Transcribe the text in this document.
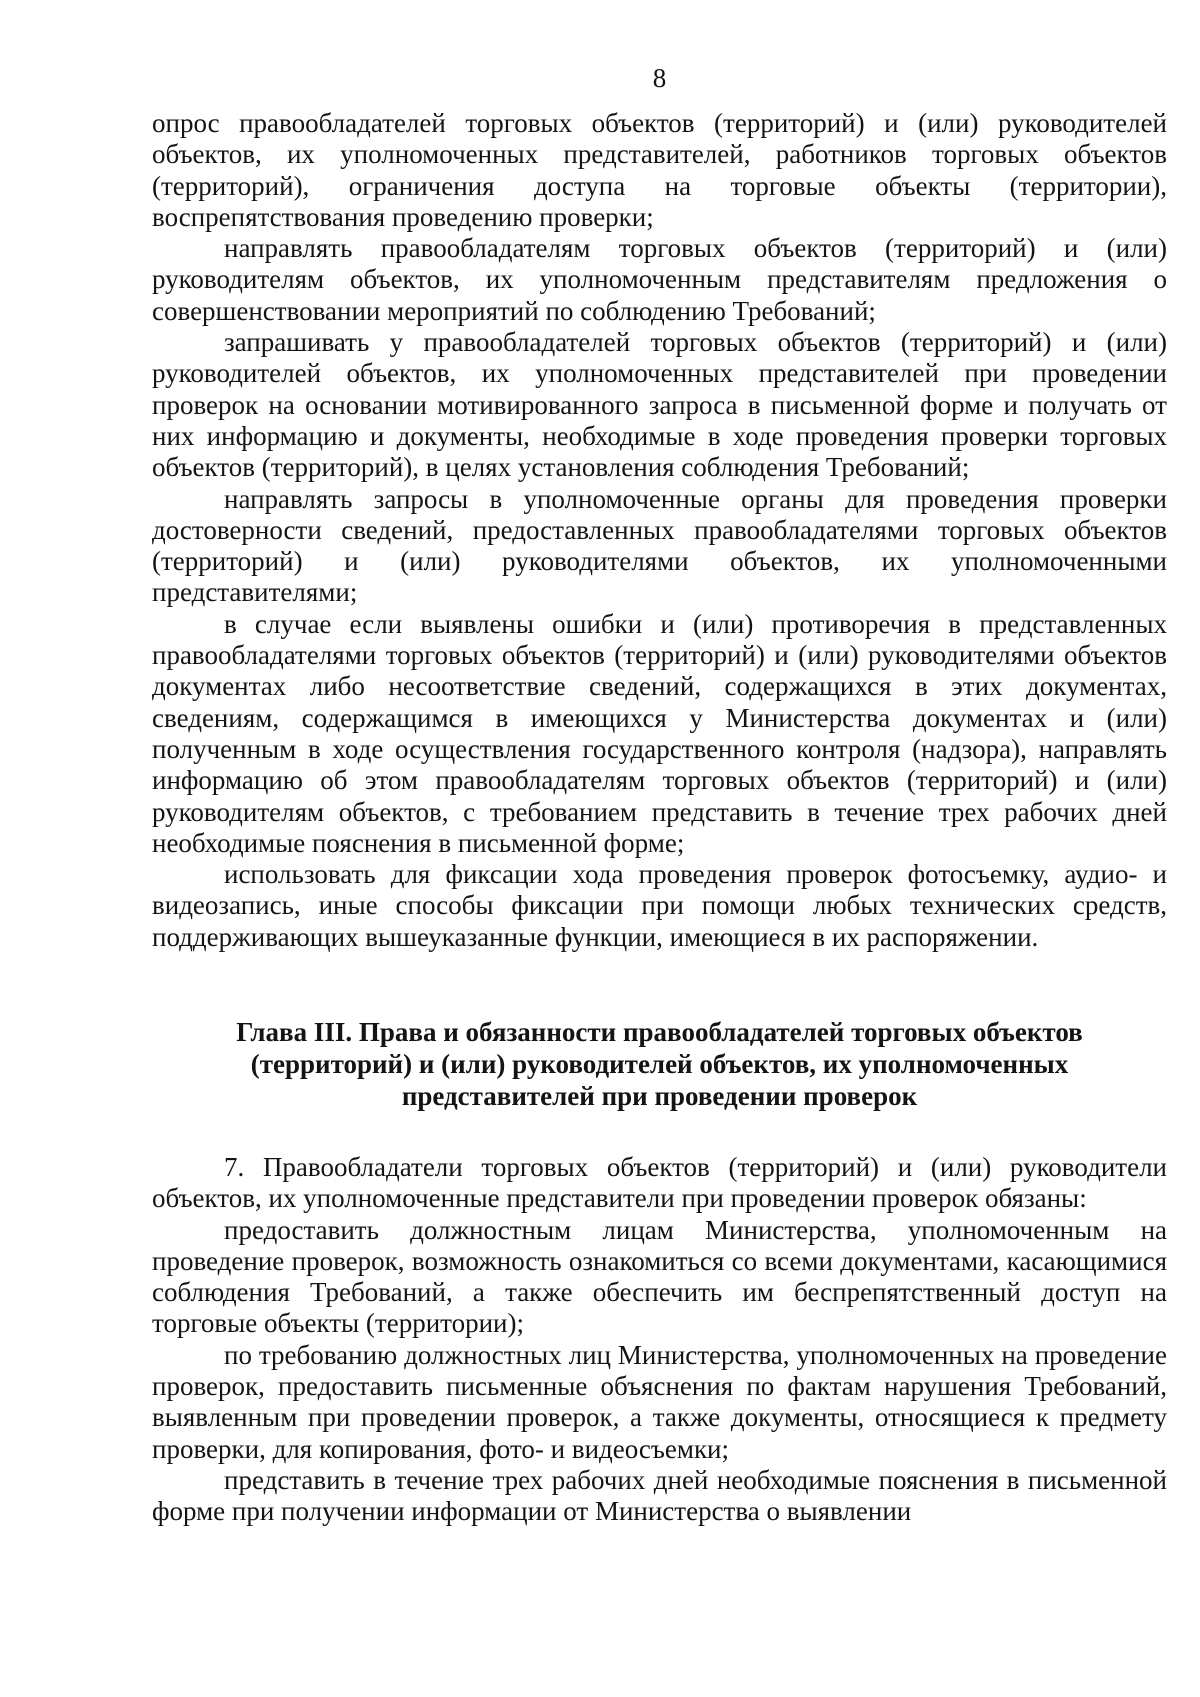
8

опрос правообладателей торговых объектов (территорий) и (или) руководителей объектов, их уполномоченных представителей, работников торговых объектов (территорий), ограничения доступа на торговые объекты (территории), воспрепятствования проведению проверки;

направлять правообладателям торговых объектов (территорий) и (или) руководителям объектов, их уполномоченным представителям предложения о совершенствовании мероприятий по соблюдению Требований;

запрашивать у правообладателей торговых объектов (территорий) и (или) руководителей объектов, их уполномоченных представителей при проведении проверок на основании мотивированного запроса в письменной форме и получать от них информацию и документы, необходимые в ходе проведения проверки торговых объектов (территорий), в целях установления соблюдения Требований;

направлять запросы в уполномоченные органы для проведения проверки достоверности сведений, предоставленных правообладателями торговых объектов (территорий) и (или) руководителями объектов, их уполномоченными представителями;

в случае если выявлены ошибки и (или) противоречия в представленных правообладателями торговых объектов (территорий) и (или) руководителями объектов документах либо несоответствие сведений, содержащихся в этих документах, сведениям, содержащимся в имеющихся у Министерства документах и (или) полученным в ходе осуществления государственного контроля (надзора), направлять информацию об этом правообладателям торговых объектов (территорий) и (или) руководителям объектов, с требованием представить в течение трех рабочих дней необходимые пояснения в письменной форме;

использовать для фиксации хода проведения проверок фотосъемку, аудио- и видеозапись, иные способы фиксации при помощи любых технических средств, поддерживающих вышеуказанные функции, имеющиеся в их распоряжении.

Глава III. Права и обязанности правообладателей торговых объектов
(территорий) и (или) руководителей объектов, их уполномоченных
представителей при проведении проверок

7. Правообладатели торговых объектов (территорий) и (или) руководители объектов, их уполномоченные представители при проведении проверок обязаны:

предоставить должностным лицам Министерства, уполномоченным на проведение проверок, возможность ознакомиться со всеми документами, касающимися соблюдения Требований, а также обеспечить им беспрепятственный доступ на торговые объекты (территории);

по требованию должностных лиц Министерства, уполномоченных на проведение проверок, предоставить письменные объяснения по фактам нарушения Требований, выявленным при проведении проверок, а также документы, относящиеся к предмету проверки, для копирования, фото- и видеосъемки;

представить в течение трех рабочих дней необходимые пояснения в письменной форме при получении информации от Министерства о выявлении
